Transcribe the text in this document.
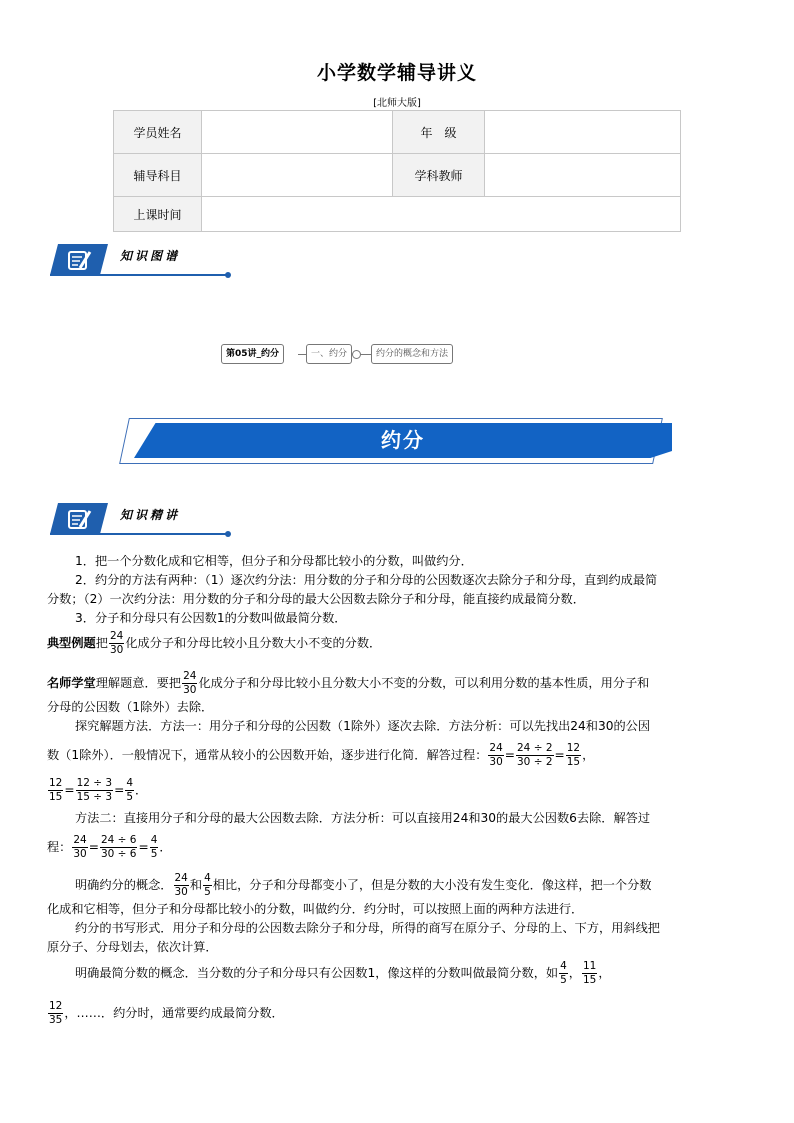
小学数学辅导讲义
[北师大版]
学员姓名		年　级	
辅导科目		学科教师	
上课时间			
知识图谱
第05讲_约分	一、约分	约分的概念和方法
约分
知识精讲
1．把一个分数化成和它相等，但分子和分母都比较小的分数，叫做约分．
2．约分的方法有两种：（1）逐次约分法：用分数的分子和分母的公因数逐次去除分子和分母，直到约成最简
分数；（2）一次约分法：用分数的分子和分母的最大公因数去除分子和分母，能直接约成最简分数．
3．分子和分母只有公因数1的分数叫做最简分数．
典型例题把 $\frac{24}{30}$ 化成分子和分母比较小且分数大小不变的分数．
名师学堂理解题意．要把 $\frac{24}{30}$ 化成分子和分母比较小且分数大小不变的分数，可以利用分数的基本性质，用分子和
分母的公因数（1除外）去除．
探究解题方法．方法一：用分子和分母的公因数（1除外）逐次去除．方法分析：可以先找出24和30的公因
数（1除外）．一般情况下，通常从较小的公因数开始，逐步进行化简．解答过程： $\frac{24}{30} = \frac{24 \div 2}{30 \div 2} = \frac{12}{15}$ ，
$\frac{12}{15} = \frac{12 \div 3}{15 \div 3} = \frac{4}{5}$ ．
方法二：直接用分子和分母的最大公因数去除．方法分析：可以直接用24和30的最大公因数6去除．解答过
程： $\frac{24}{30} = \frac{24 \div 6}{30 \div 6} = \frac{4}{5}$ ．
明确约分的概念． $\frac{24}{30}$ 和 $\frac{4}{5}$ 相比，分子和分母都变小了，但是分数的大小没有发生变化．像这样，把一个分数
化成和它相等，但分子和分母都比较小的分数，叫做约分．约分时，可以按照上面的两种方法进行．
约分的书写形式．用分子和分母的公因数去除分子和分母，所得的商写在原分子、分母的上、下方，用斜线把
原分子、分母划去，依次计算．
明确最简分数的概念．当分数的分子和分母只有公因数1，像这样的分数叫做最简分数，如 $\frac{4}{5}$ ， $\frac{11}{15}$ ，
$\frac{12}{35}$ ，……．约分时，通常要约成最简分数．
